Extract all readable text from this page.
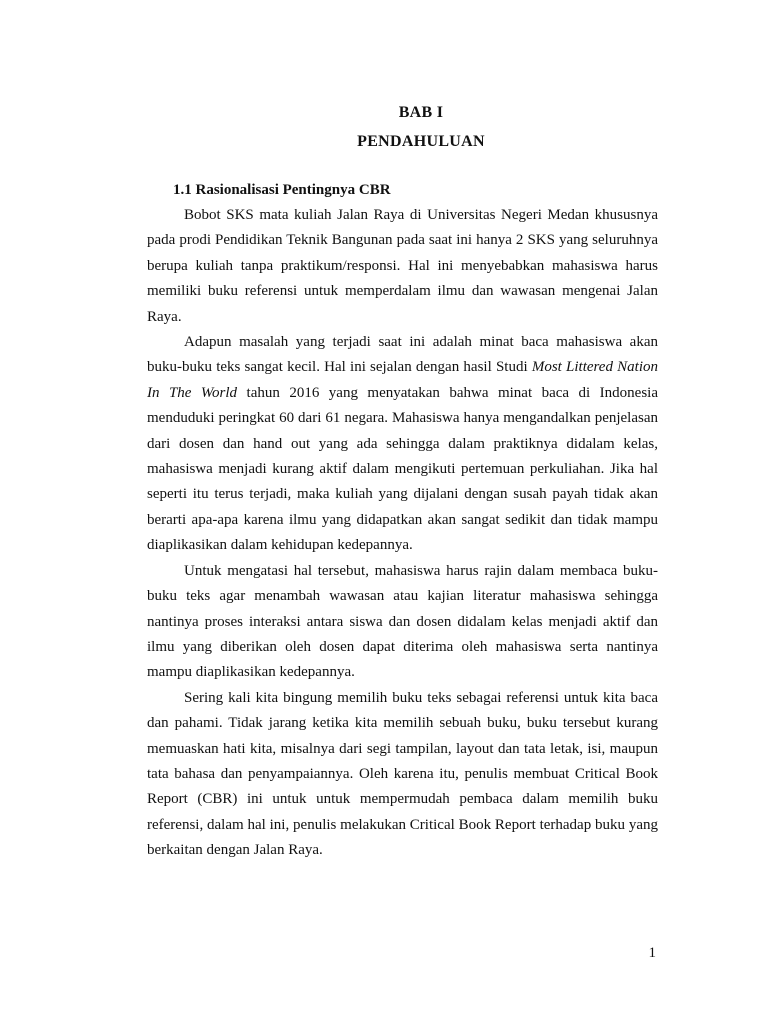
BAB I
PENDAHULUAN
1.1 Rasionalisasi Pentingnya CBR

Bobot SKS mata kuliah Jalan Raya di Universitas Negeri Medan khususnya pada prodi Pendidikan Teknik Bangunan pada saat ini hanya 2 SKS yang seluruhnya berupa kuliah tanpa praktikum/responsi. Hal ini menyebabkan mahasiswa harus memiliki buku referensi untuk memperdalam ilmu dan wawasan mengenai Jalan Raya.

Adapun masalah yang terjadi saat ini adalah minat baca mahasiswa akan buku-buku teks sangat kecil. Hal ini sejalan dengan hasil Studi Most Littered Nation In The World tahun 2016 yang menyatakan bahwa minat baca di Indonesia menduduki peringkat 60 dari 61 negara. Mahasiswa hanya mengandalkan penjelasan dari dosen dan hand out yang ada sehingga dalam praktiknya didalam kelas, mahasiswa menjadi kurang aktif dalam mengikuti pertemuan perkuliahan. Jika hal seperti itu terus terjadi, maka kuliah yang dijalani dengan susah payah tidak akan berarti apa-apa karena ilmu yang didapatkan akan sangat sedikit dan tidak mampu diaplikasikan dalam kehidupan kedepannya.

Untuk mengatasi hal tersebut, mahasiswa harus rajin dalam membaca buku-buku teks agar menambah wawasan atau kajian literatur mahasiswa sehingga nantinya proses interaksi antara siswa dan dosen didalam kelas menjadi aktif dan ilmu yang diberikan oleh dosen dapat diterima oleh mahasiswa serta nantinya mampu diaplikasikan kedepannya.

Sering kali kita bingung memilih buku teks sebagai referensi untuk kita baca dan pahami. Tidak jarang ketika kita memilih sebuah buku, buku tersebut kurang memuaskan hati kita, misalnya dari segi tampilan, layout dan tata letak, isi, maupun tata bahasa dan penyampaiannya. Oleh karena itu, penulis membuat Critical Book Report (CBR) ini untuk untuk mempermudah pembaca dalam memilih buku referensi, dalam hal ini, penulis melakukan Critical Book Report terhadap buku yang berkaitan dengan Jalan Raya.

1
